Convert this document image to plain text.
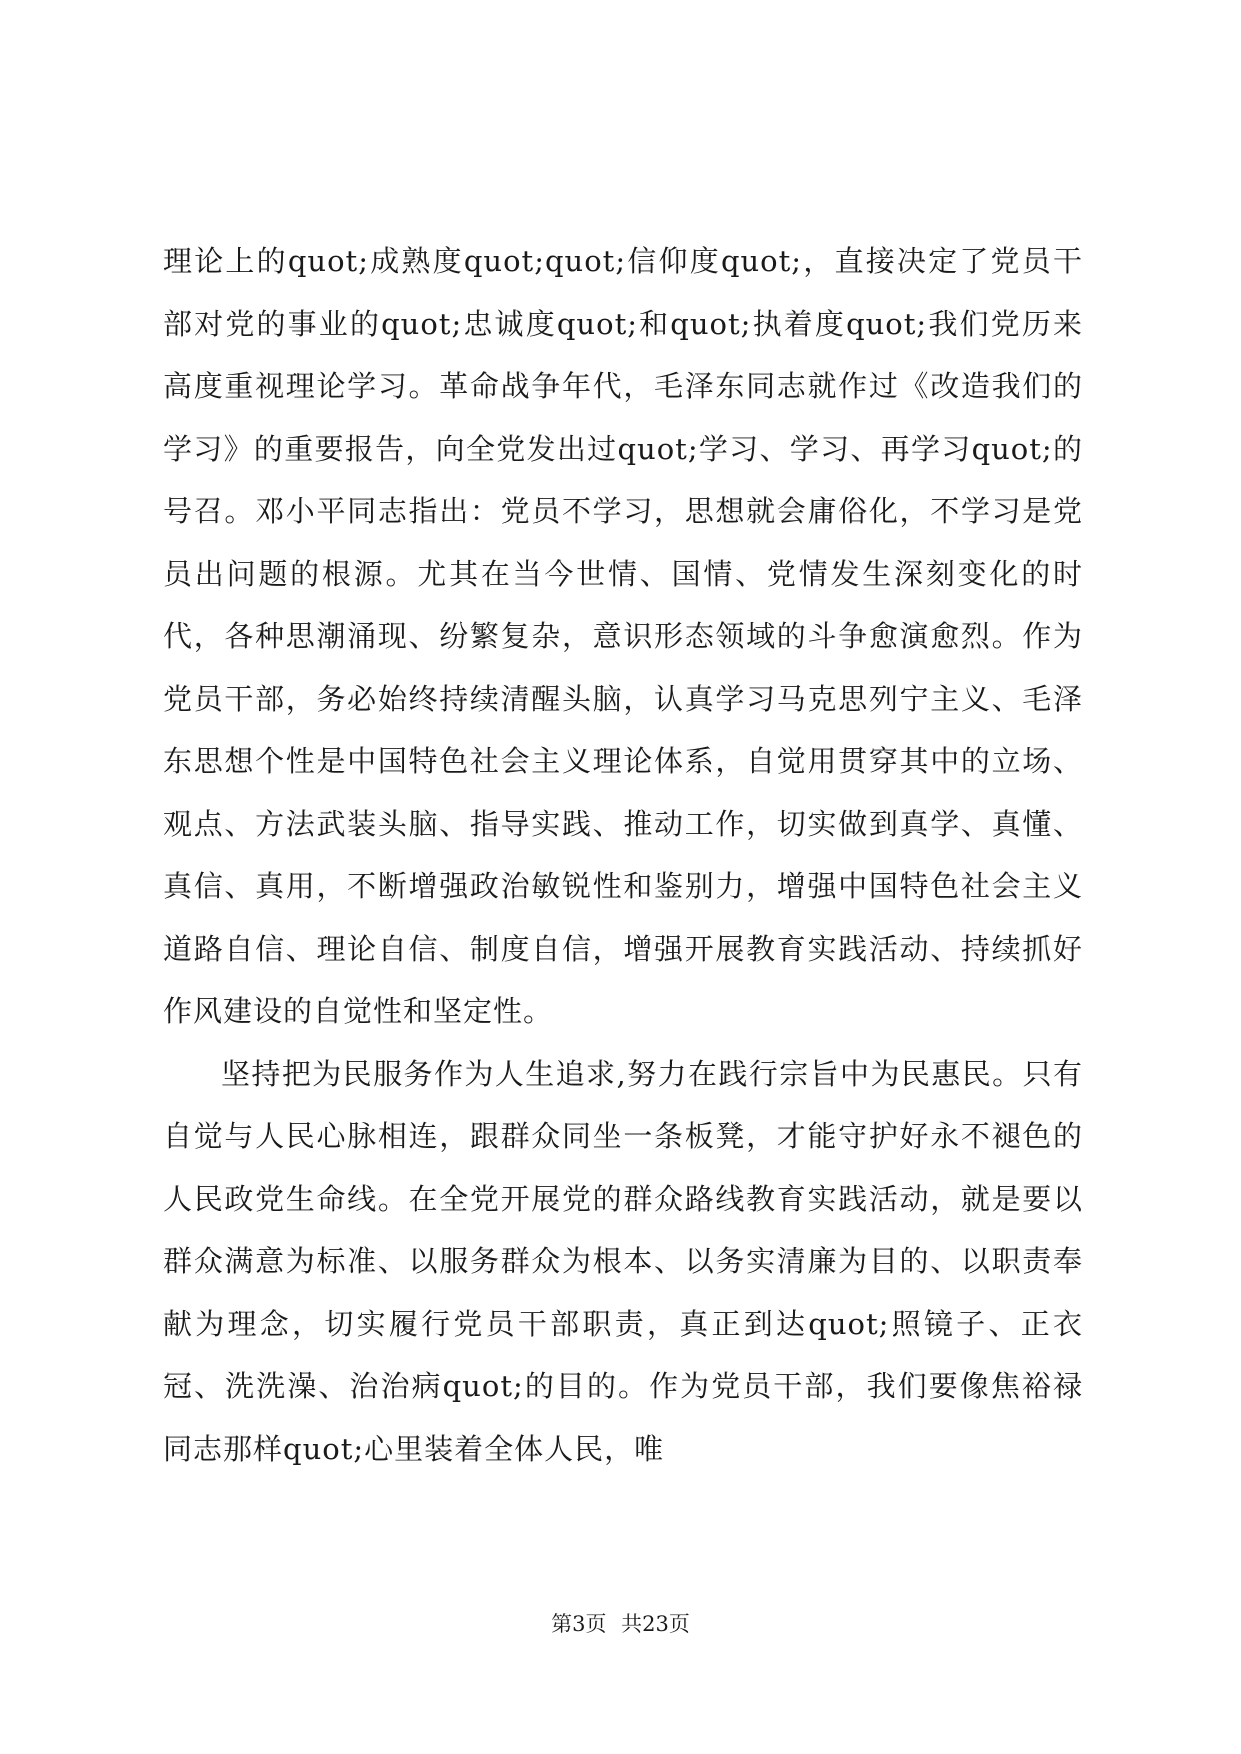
理论上的quot;成熟度quot;quot;信仰度quot;，直接决定了党员干部对党的事业的quot;忠诚度quot;和quot;执着度quot;我们党历来高度重视理论学习。革命战争年代，毛泽东同志就作过《改造我们的学习》的重要报告，向全党发出过quot;学习、学习、再学习quot;的号召。邓小平同志指出：党员不学习，思想就会庸俗化，不学习是党员出问题的根源。尤其在当今世情、国情、党情发生深刻变化的时代，各种思潮涌现、纷繁复杂，意识形态领域的斗争愈演愈烈。作为党员干部，务必始终持续清醒头脑，认真学习马克思列宁主义、毛泽东思想个性是中国特色社会主义理论体系，自觉用贯穿其中的立场、观点、方法武装头脑、指导实践、推动工作，切实做到真学、真懂、真信、真用，不断增强政治敏锐性和鉴别力，增强中国特色社会主义道路自信、理论自信、制度自信，增强开展教育实践活动、持续抓好作风建设的自觉性和坚定性。

坚持把为民服务作为人生追求,努力在践行宗旨中为民惠民。只有自觉与人民心脉相连，跟群众同坐一条板凳，才能守护好永不褪色的人民政党生命线。在全党开展党的群众路线教育实践活动，就是要以群众满意为标准、以服务群众为根本、以务实清廉为目的、以职责奉献为理念，切实履行党员干部职责，真正到达quot;照镜子、正衣冠、洗洗澡、治治病quot;的目的。作为党员干部，我们要像焦裕禄同志那样quot;心里装着全体人民，唯

第3页 共23页
